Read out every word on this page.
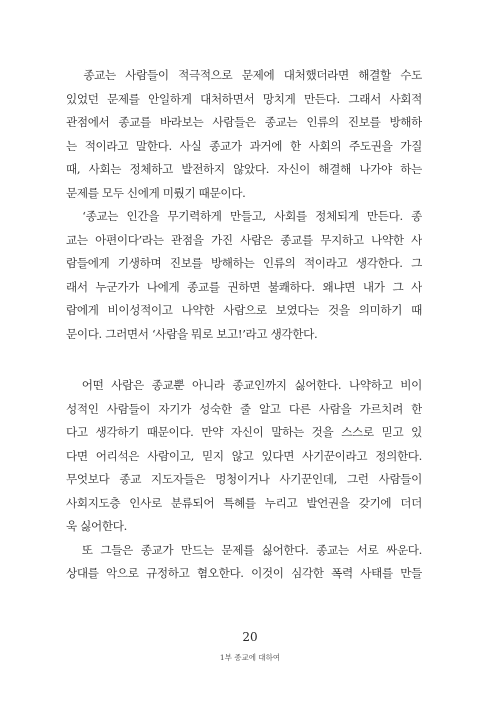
　종교는 사람들이 적극적으로 문제에 대처했더라면 해결할 수도
있었던 문제를 안일하게 대처하면서 망치게 만든다. 그래서 사회적
관점에서 종교를 바라보는 사람들은 종교는 인류의 진보를 방해하
는 적이라고 말한다. 사실 종교가 과거에 한 사회의 주도권을 가질
때, 사회는 정체하고 발전하지 않았다. 자신이 해결해 나가야 하는
문제를 모두 신에게 미뤘기 때문이다.
　‘종교는 인간을 무기력하게 만들고, 사회를 정체되게 만든다. 종
교는 아편이다’라는 관점을 가진 사람은 종교를 무지하고 나약한 사
람들에게 기생하며 진보를 방해하는 인류의 적이라고 생각한다. 그
래서 누군가가 나에게 종교를 권하면 불쾌하다. 왜냐면 내가 그 사
람에게 비이성적이고 나약한 사람으로 보였다는 것을 의미하기 때
문이다. 그러면서 ‘사람을 뭐로 보고!’라고 생각한다.
　어떤 사람은 종교뿐 아니라 종교인까지 싫어한다. 나약하고 비이
성적인 사람들이 자기가 성숙한 줄 알고 다른 사람을 가르치려 한
다고 생각하기 때문이다. 만약 자신이 말하는 것을 스스로 믿고 있
다면 어리석은 사람이고, 믿지 않고 있다면 사기꾼이라고 정의한다.
무엇보다 종교 지도자들은 멍청이거나 사기꾼인데, 그런 사람들이
사회지도층 인사로 분류되어 특혜를 누리고 발언권을 갖기에 더더
욱 싫어한다.
　또 그들은 종교가 만드는 문제를 싫어한다. 종교는 서로 싸운다.
상대를 악으로 규정하고 혐오한다. 이것이 심각한 폭력 사태를 만들
20
1부 종교에 대하여
